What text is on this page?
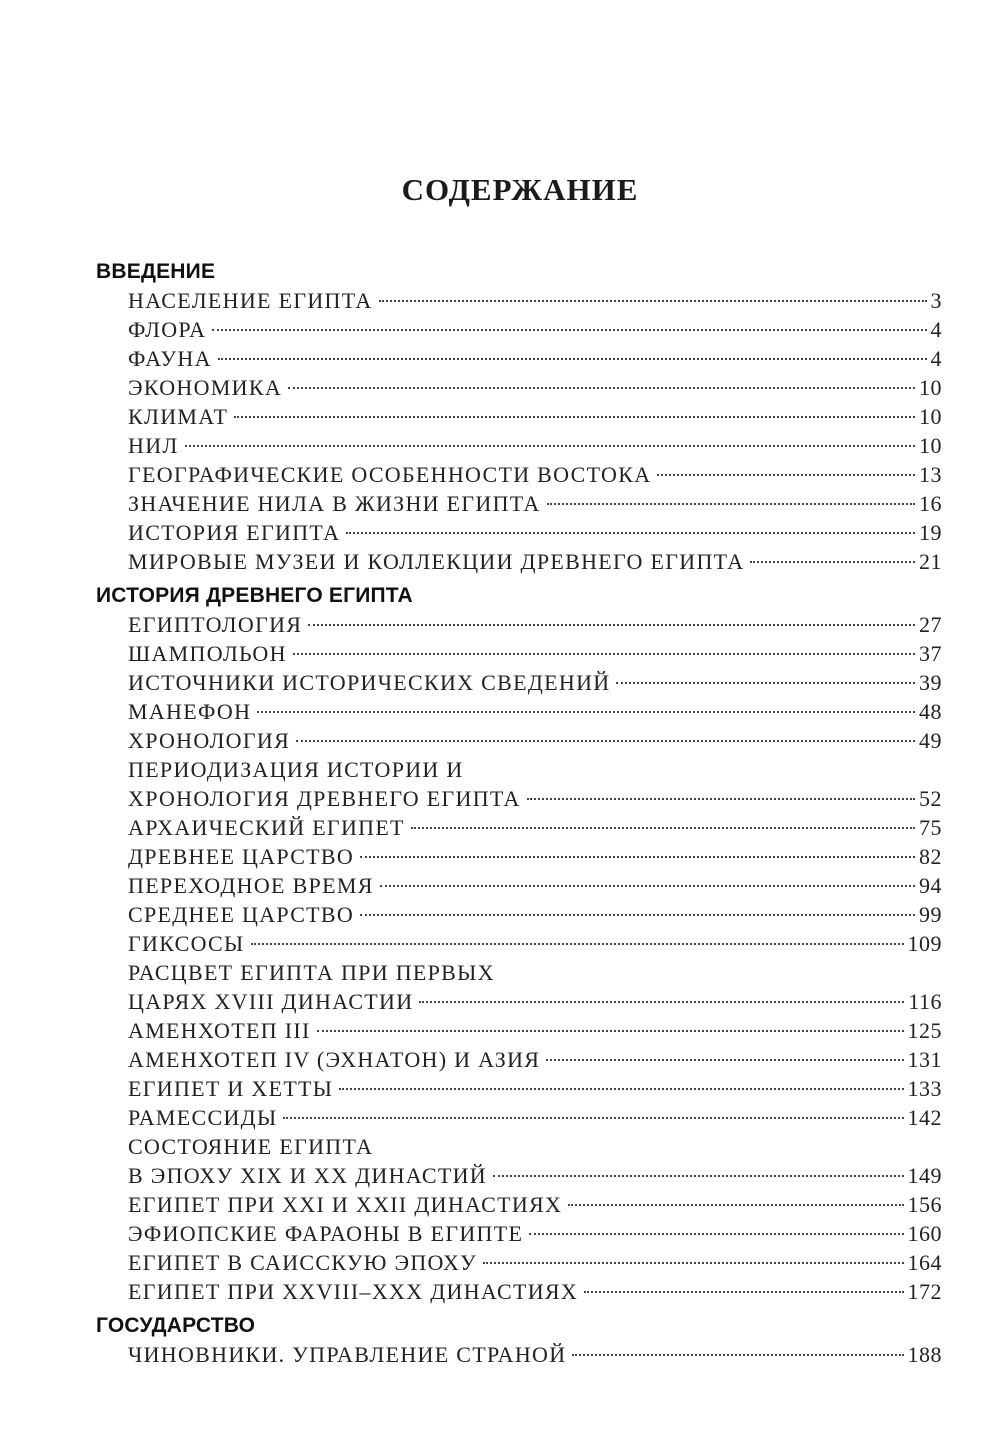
СОДЕРЖАНИЕ
ВВЕДЕНИЕ
НАСЕЛЕНИЕ ЕГИПТА	3
ФЛОРА	4
ФАУНА	4
ЭКОНОМИКА	10
КЛИМАТ	10
НИЛ	10
ГЕОГРАФИЧЕСКИЕ ОСОБЕННОСТИ ВОСТОКА	13
ЗНАЧЕНИЕ НИЛА В ЖИЗНИ ЕГИПТА	16
ИСТОРИЯ ЕГИПТА	19
МИРОВЫЕ МУЗЕИ И КОЛЛЕКЦИИ ДРЕВНЕГО ЕГИПТА	21
ИСТОРИЯ ДРЕВНЕГО ЕГИПТА
ЕГИПТОЛОГИЯ	27
ШАМПОЛЬОН	37
ИСТОЧНИКИ ИСТОРИЧЕСКИХ СВЕДЕНИЙ	39
МАНЕФОН	48
ХРОНОЛОГИЯ	49
ПЕРИОДИЗАЦИЯ ИСТОРИИ И
ХРОНОЛОГИЯ ДРЕВНЕГО ЕГИПТА	52
АРХАИЧЕСКИЙ ЕГИПЕТ	75
ДРЕВНЕЕ ЦАРСТВО	82
ПЕРЕХОДНОЕ ВРЕМЯ	94
СРЕДНЕЕ ЦАРСТВО	99
ГИКСОСЫ	109
РАСЦВЕТ ЕГИПТА ПРИ ПЕРВЫХ
ЦАРЯХ XVIII ДИНАСТИИ	116
АМЕНХОТЕП III	125
АМЕНХОТЕП IV (ЭХНАТОН) И АЗИЯ	131
ЕГИПЕТ И ХЕТТЫ	133
РАМЕССИДЫ	142
СОСТОЯНИЕ ЕГИПТА
В ЭПОХУ XIX И XX ДИНАСТИЙ	149
ЕГИПЕТ ПРИ XXI И XXII ДИНАСТИЯХ	156
ЭФИОПСКИЕ ФАРАОНЫ В ЕГИПТЕ	160
ЕГИПЕТ В САИССКУЮ ЭПОХУ	164
ЕГИПЕТ ПРИ XXVIII–XXX ДИНАСТИЯХ	172
ГОСУДАРСТВО
ЧИНОВНИКИ. УПРАВЛЕНИЕ СТРАНОЙ	188
